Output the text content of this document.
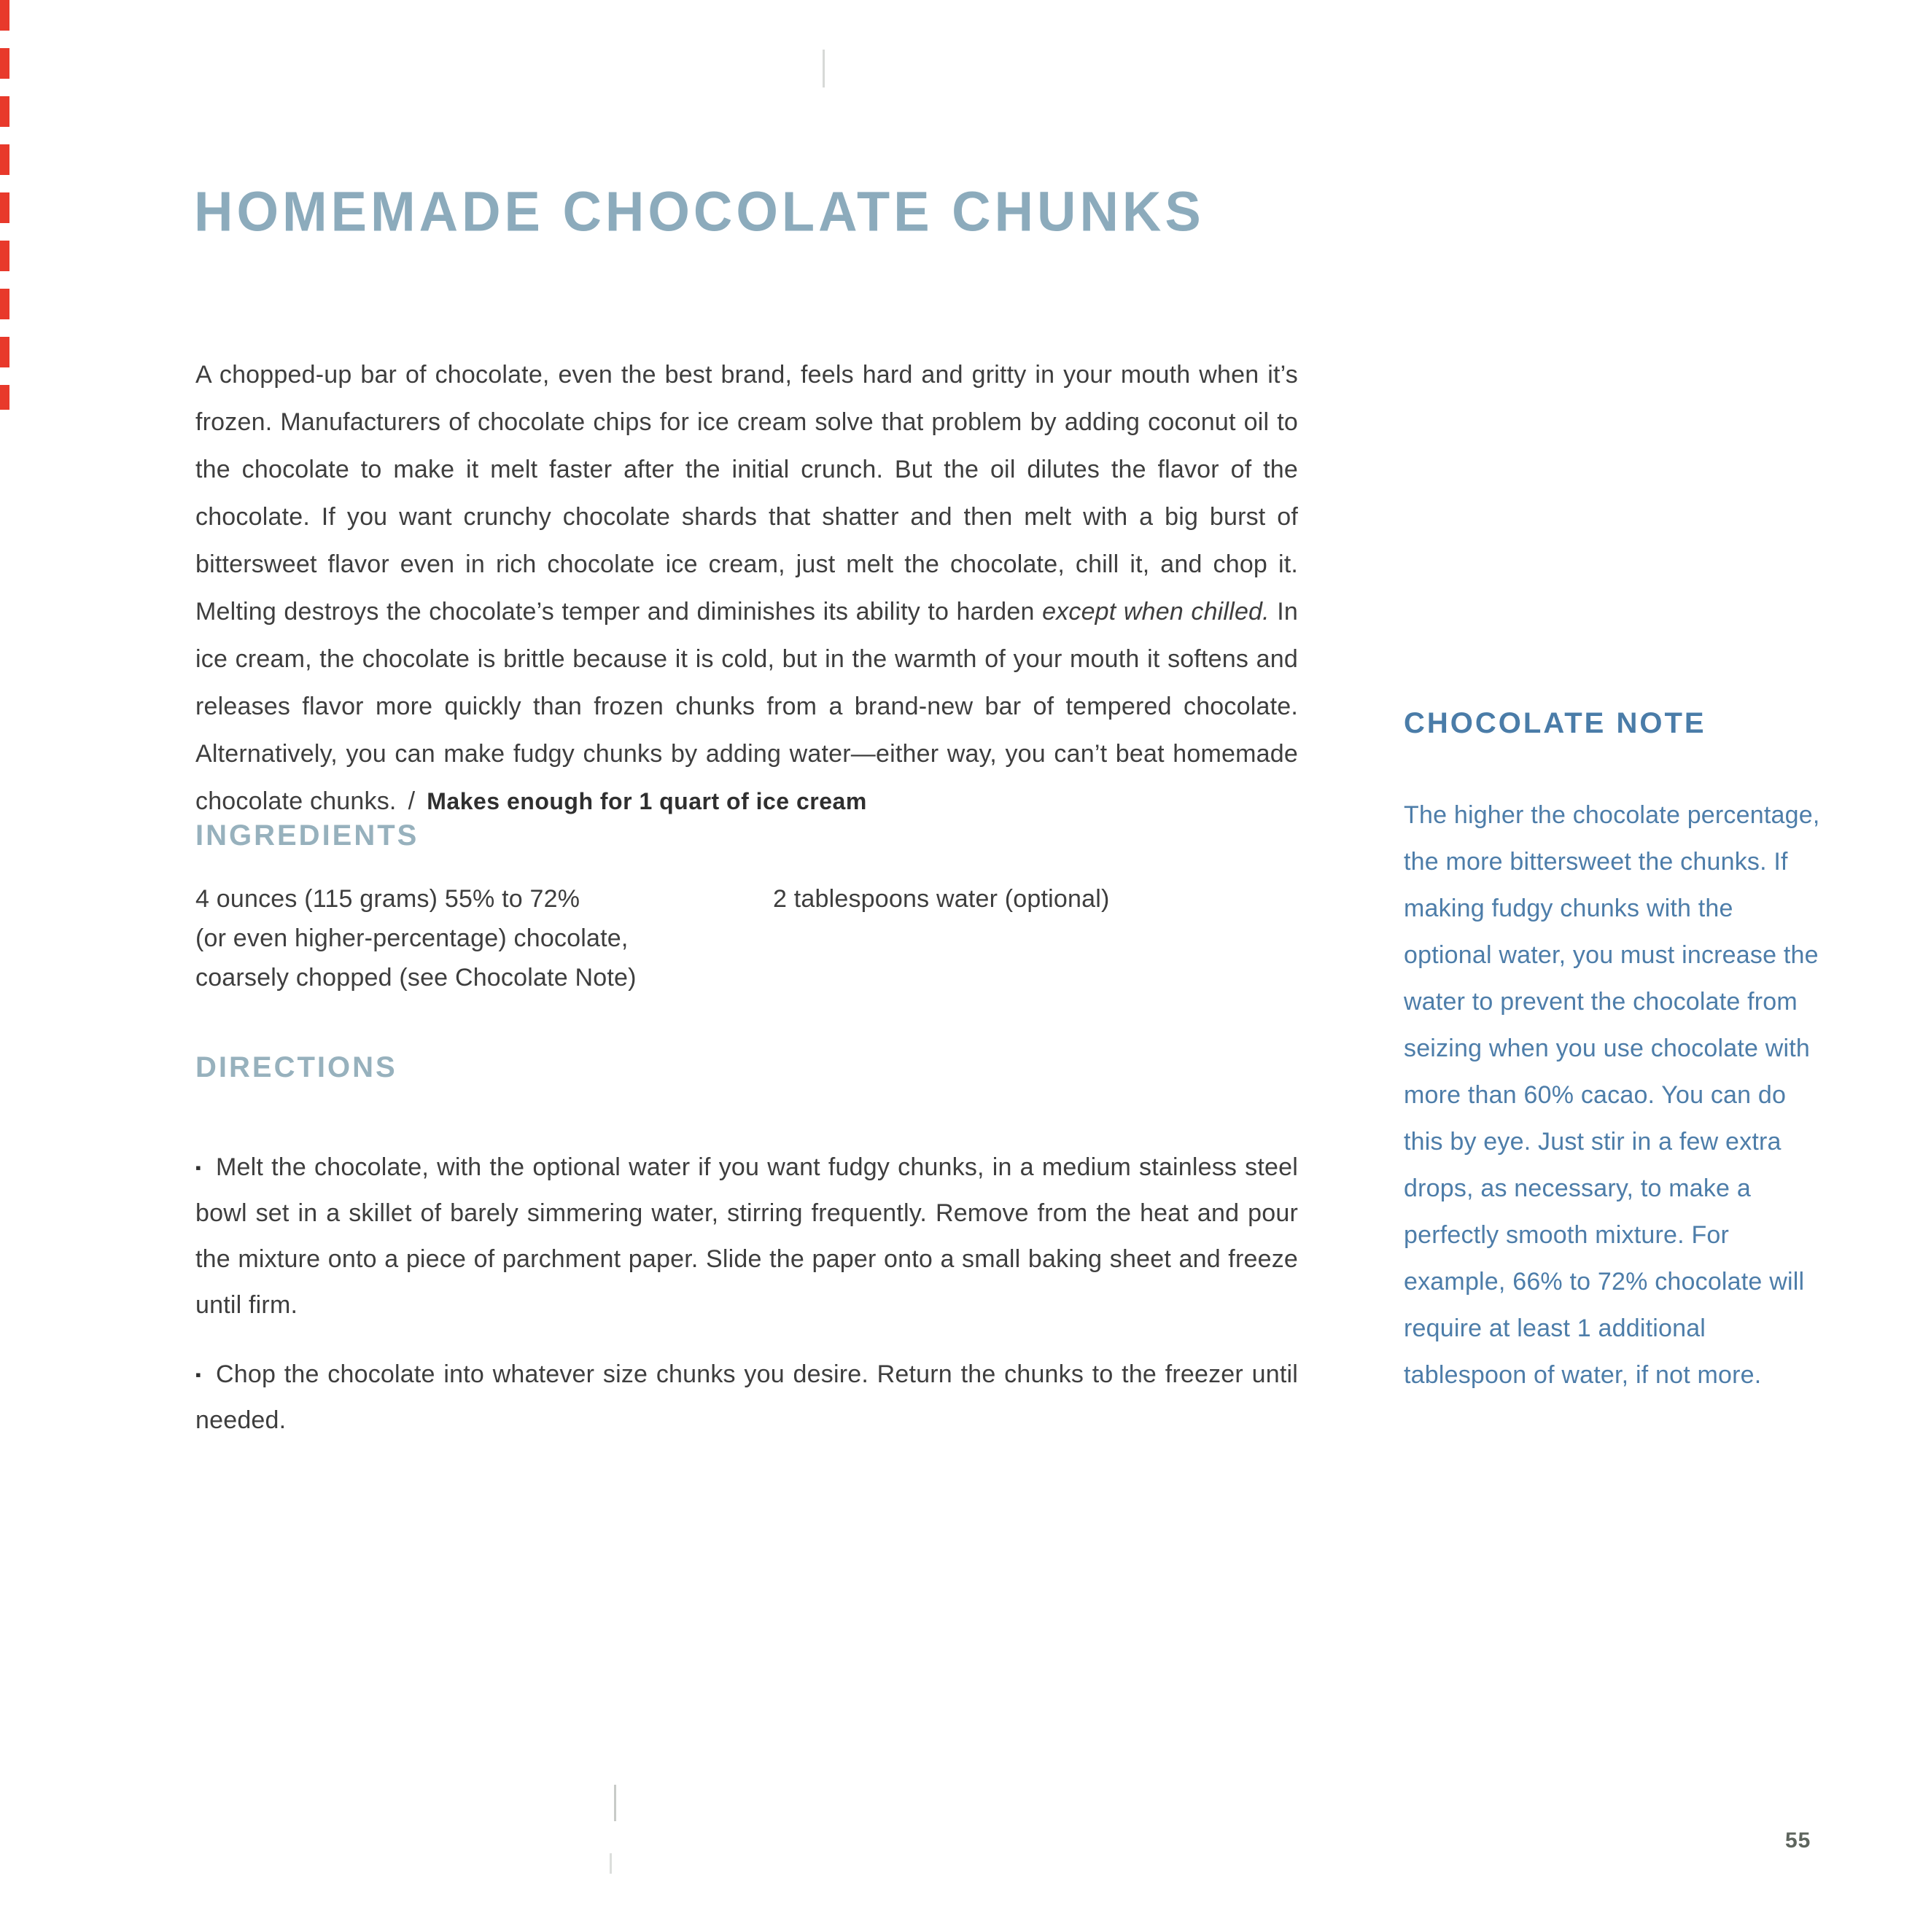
HOMEMADE CHOCOLATE CHUNKS

A chopped-up bar of chocolate, even the best brand, feels hard and gritty in your mouth when it’s frozen. Manufacturers of chocolate chips for ice cream solve that problem by adding coconut oil to the chocolate to make it melt faster after the initial crunch. But the oil dilutes the flavor of the chocolate. If you want crunchy chocolate shards that shatter and then melt with a big burst of bittersweet flavor even in rich chocolate ice cream, just melt the chocolate, chill it, and chop it. Melting destroys the chocolate’s temper and diminishes its ability to harden except when chilled. In ice cream, the chocolate is brittle because it is cold, but in the warmth of your mouth it softens and releases flavor more quickly than frozen chunks from a brand-new bar of tempered chocolate. Alternatively, you can make fudgy chunks by adding water—either way, you can’t beat homemade chocolate chunks. / Makes enough for 1 quart of ice cream

INGREDIENTS
4 ounces (115 grams) 55% to 72%
(or even higher-percentage) chocolate,
coarsely chopped (see Chocolate Note)
2 tablespoons water (optional)
DIRECTIONS

▪ Melt the chocolate, with the optional water if you want fudgy chunks, in a medium stainless steel bowl set in a skillet of barely simmering water, stirring frequently. Remove from the heat and pour the mixture onto a piece of parchment paper. Slide the paper onto a small baking sheet and freeze until firm.

▪ Chop the chocolate into whatever size chunks you desire. Return the chunks to the freezer until needed.

CHOCOLATE NOTE

The higher the chocolate percentage, the more bittersweet the chunks. If making fudgy chunks with the optional water, you must increase the water to prevent the chocolate from seizing when you use chocolate with more than 60% cacao. You can do this by eye. Just stir in a few extra drops, as necessary, to make a perfectly smooth mixture. For example, 66% to 72% chocolate will require at least 1 additional tablespoon of water, if not more.

55
